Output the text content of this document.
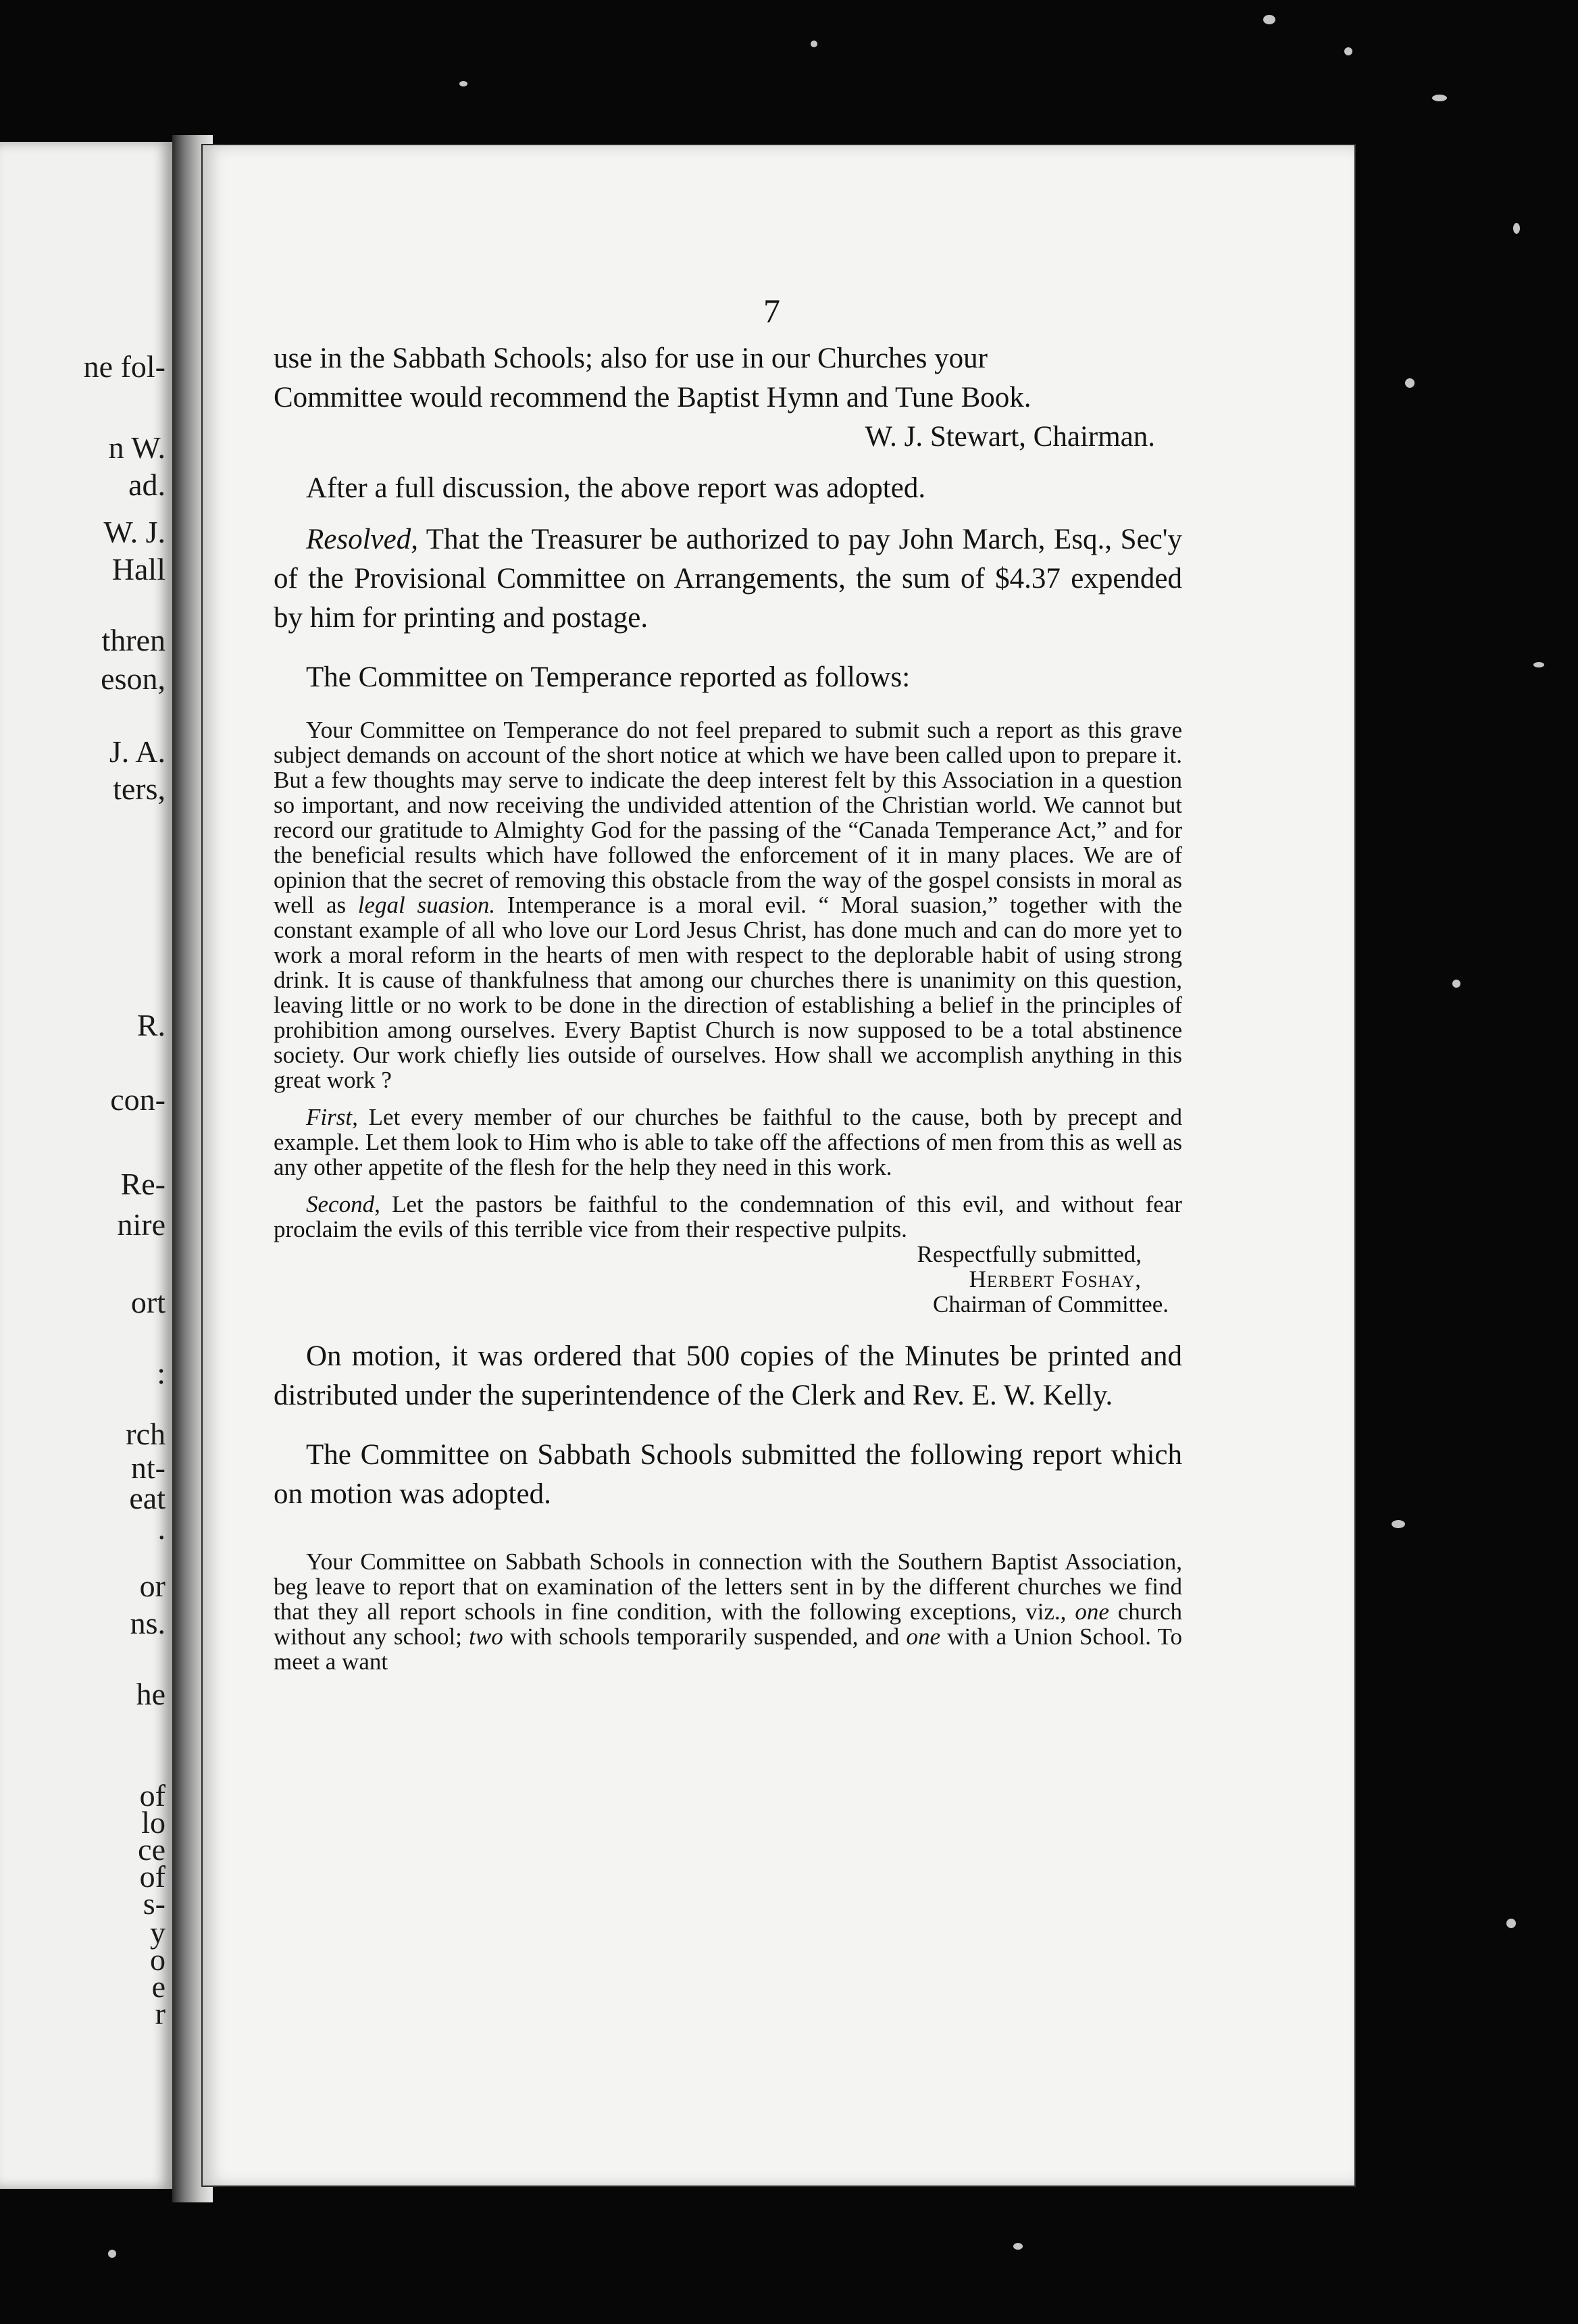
ne fol-
n W.
ad.
W. J.
Hall
thren
eson,
J. A.
ters,
R.
con-
Re-
nire
ort
:
rch
nt-
eat
.
or
ns.
he
of
lo
ce
of
s-
y
o
e
r
7

use in the Sabbath Schools; also for use in our Churches your

Committee would recommend the Baptist Hymn and Tune Book.

W. J. Stewart, Chairman.

After a full discussion, the above report was adopted.

Resolved, That the Treasurer be authorized to pay John March, Esq., Sec'y of the Provisional Committee on Arrangements, the sum of $4.37 expended by him for printing and postage.

The Committee on Temperance reported as follows:

Your Committee on Temperance do not feel prepared to submit such a report as this grave subject demands on account of the short notice at which we have been called upon to prepare it. But a few thoughts may serve to indicate the deep interest felt by this Association in a question so important, and now receiving the undivided attention of the Christian world. We cannot but record our gratitude to Almighty God for the passing of the “Canada Temperance Act,” and for the beneficial results which have followed the enforcement of it in many places. We are of opinion that the secret of removing this obstacle from the way of the gospel consists in moral as well as legal suasion. Intemperance is a moral evil. “ Moral suasion,” together with the constant example of all who love our Lord Jesus Christ, has done much and can do more yet to work a moral reform in the hearts of men with respect to the deplorable habit of using strong drink. It is cause of thankfulness that among our churches there is unanimity on this question, leaving little or no work to be done in the direction of establishing a belief in the principles of prohibition among ourselves. Every Baptist Church is now supposed to be a total abstinence society. Our work chiefly lies outside of ourselves. How shall we accomplish anything in this great work ?

First, Let every member of our churches be faithful to the cause, both by precept and example. Let them look to Him who is able to take off the affections of men from this as well as any other appetite of the flesh for the help they need in this work.

Second, Let the pastors be faithful to the condemnation of this evil, and without fear proclaim the evils of this terrible vice from their respective pulpits.

Respectfully submitted,

Herbert Foshay,

Chairman of Committee.

On motion, it was ordered that 500 copies of the Minutes be printed and distributed under the superintendence of the Clerk and Rev. E. W. Kelly.

The Committee on Sabbath Schools submitted the following report which on motion was adopted.

Your Committee on Sabbath Schools in connection with the Southern Baptist Association, beg leave to report that on examination of the letters sent in by the different churches we find that they all report schools in fine condition, with the following exceptions, viz., one church without any school; two with schools temporarily suspended, and one with a Union School. To meet a want
